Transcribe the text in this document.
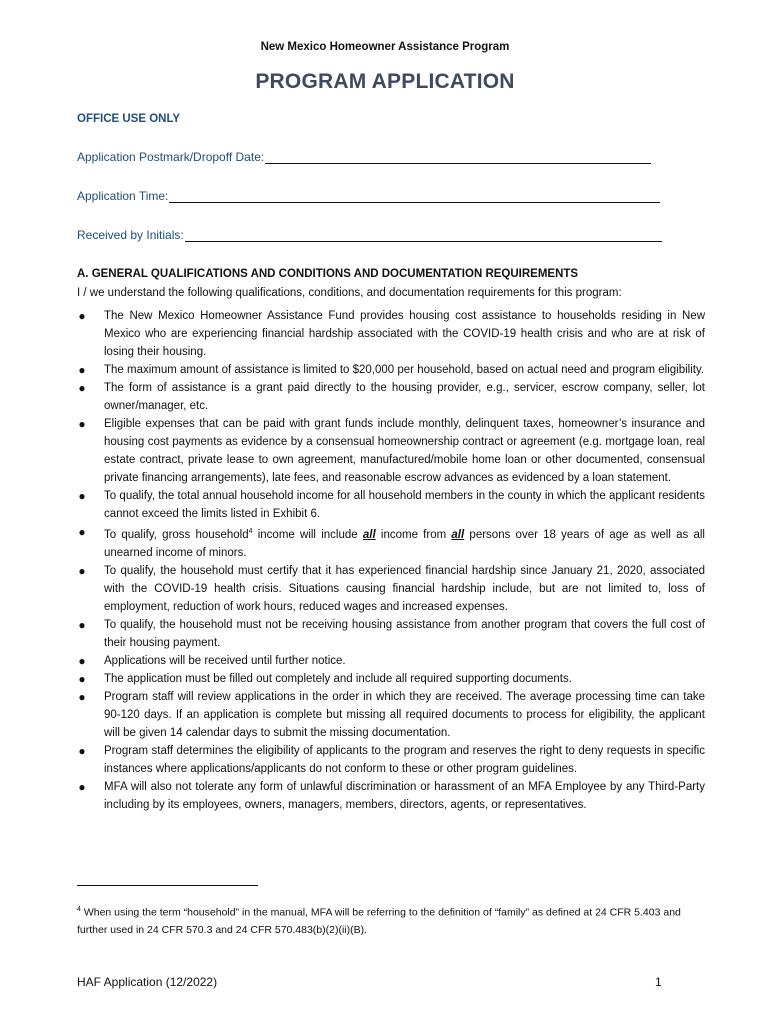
New Mexico Homeowner Assistance Program
PROGRAM APPLICATION
OFFICE USE ONLY
Application Postmark/Dropoff Date:
Application Time:
Received by Initials:
A. GENERAL QUALIFICATIONS AND CONDITIONS AND DOCUMENTATION REQUIREMENTS
I / we understand the following qualifications, conditions, and documentation requirements for this program:
● The New Mexico Homeowner Assistance Fund provides housing cost assistance to households residing in New Mexico who are experiencing financial hardship associated with the COVID-19 health crisis and who are at risk of losing their housing.
● The maximum amount of assistance is limited to $20,000 per household, based on actual need and program eligibility.
● The form of assistance is a grant paid directly to the housing provider, e.g., servicer, escrow company, seller, lot owner/manager, etc.
● Eligible expenses that can be paid with grant funds include monthly, delinquent taxes, homeowner’s insurance and housing cost payments as evidence by a consensual homeownership contract or agreement (e.g. mortgage loan, real estate contract, private lease to own agreement, manufactured/mobile home loan or other documented, consensual private financing arrangements), late fees, and reasonable escrow advances as evidenced by a loan statement.
● To qualify, the total annual household income for all household members in the county in which the applicant residents cannot exceed the limits listed in Exhibit 6.
● To qualify, gross household$^4$ income will include all income from all persons over 18 years of age as well as all unearned income of minors.
● To qualify, the household must certify that it has experienced financial hardship since January 21, 2020, associated with the COVID-19 health crisis. Situations causing financial hardship include, but are not limited to, loss of employment, reduction of work hours, reduced wages and increased expenses.
● To qualify, the household must not be receiving housing assistance from another program that covers the full cost of their housing payment.
● Applications will be received until further notice.
● The application must be filled out completely and include all required supporting documents.
● Program staff will review applications in the order in which they are received. The average processing time can take 90-120 days. If an application is complete but missing all required documents to process for eligibility, the applicant will be given 14 calendar days to submit the missing documentation.
● Program staff determines the eligibility of applicants to the program and reserves the right to deny requests in specific instances where applications/applicants do not conform to these or other program guidelines.
● MFA will also not tolerate any form of unlawful discrimination or harassment of an MFA Employee by any Third-Party including by its employees, owners, managers, members, directors, agents, or representatives.
$^4$ When using the term “household” in the manual, MFA will be referring to the definition of “family” as defined at 24 CFR 5.403 and further used in 24 CFR 570.3 and 24 CFR 570.483(b)(2)(ii)(B).
HAF Application (12/2022)	1
